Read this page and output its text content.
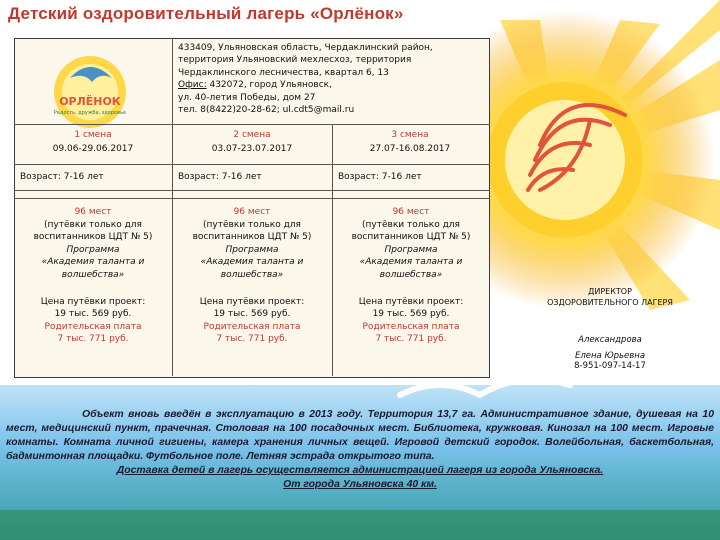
Детский оздоровительный лагерь «Орлёнок»
ОРЛЁНОК
Радость, дружба, здоровье
433409, Ульяновская область, Чердаклинский район,
территория Ульяновский мехлесхоз, территория
Чердаклинского лесничества, квартал 6, 13
Офис: 432072, город Ульяновск,
ул. 40-летия Победы, дом 27
тел. 8(8422)20-28-62; ul.cdt5@mail.ru
1 смена
09.06-29.06.2017
2 смена
03.07-23.07.2017
3 смена
27.07-16.08.2017
Возраст: 7-16 лет	Возраст: 7-16 лет	Возраст: 7-16 лет
96 мест
(путёвки только для
воспитанников ЦДТ № 5)
Программа
«Академия таланта и
волшебства»
Цена путёвки проект:
19 тыс. 569 руб.
Родительская плата
7 тыс. 771 руб.
96 мест
(путёвки только для
воспитанников ЦДТ № 5)
Программа
«Академия таланта и
волшебства»
Цена путёвки проект:
19 тыс. 569 руб.
Родительская плата
7 тыс. 771 руб.
96 мест
(путёвки только для
воспитанников ЦДТ № 5)
Программа
«Академия таланта и
волшебства»
Цена путёвки проект:
19 тыс. 569 руб.
Родительская плата
7 тыс. 771 руб.
ДИРЕКТОР
ОЗДОРОВИТЕЛЬНОГО ЛАГЕРЯ
Александрова
Елена Юрьевна
8-951-097-14-17

Объект вновь введён в эксплуатацию в 2013 году. Территория 13,7 га. Административное здание, душевая на 10 мест, медицинский пункт, прачечная. Столовая на 100 посадочных мест. Библиотека, кружковая. Кинозал на 100 мест. Игровые комнаты. Комната личной гигиены, камера хранения личных вещей. Игровой детский городок. Волейбольная, баскетбольная, бадминтонная площадки. Футбольное поле. Летняя эстрада открытого типа.

Доставка детей в лагерь осуществляется администрацией лагеря из города Ульяновска.

От города Ульяновска 40 км.
